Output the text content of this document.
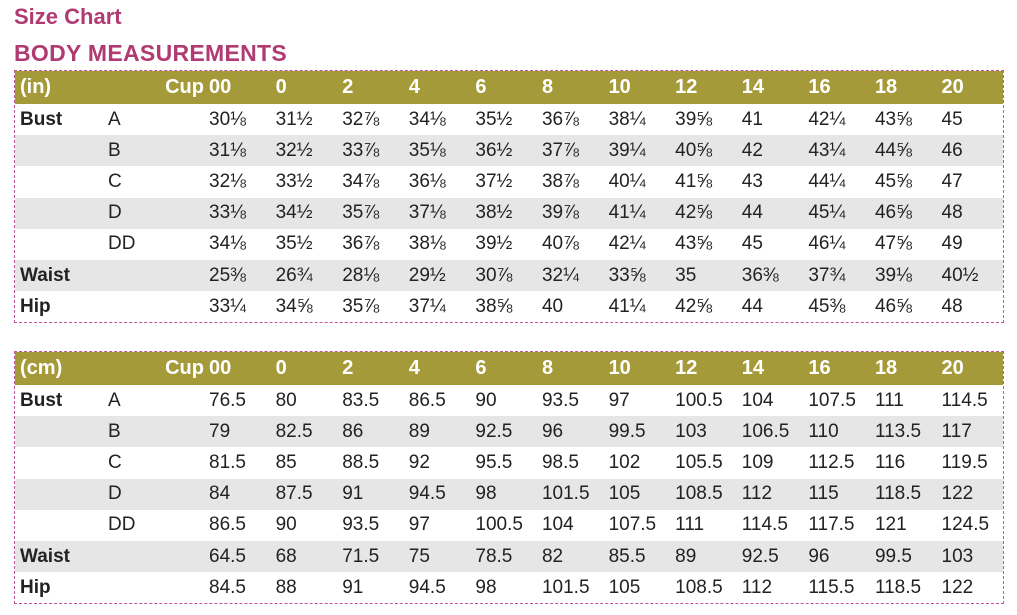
Size Chart
BODY MEASUREMENTS
(in)	Cup	00	0	2	4	6	8	10	12	14	16	18	20
Bust	A	30⅛	31½	32⅞	34⅛	35½	36⅞	38¼	39⅝	41	42¼	43⅝	45
	B	31⅛	32½	33⅞	35⅛	36½	37⅞	39¼	40⅝	42	43¼	44⅝	46
	C	32⅛	33½	34⅞	36⅛	37½	38⅞	40¼	41⅝	43	44¼	45⅝	47
	D	33⅛	34½	35⅞	37⅛	38½	39⅞	41¼	42⅝	44	45¼	46⅝	48
	DD	34⅛	35½	36⅞	38⅛	39½	40⅞	42¼	43⅝	45	46¼	47⅝	49
Waist		25⅜	26¾	28⅛	29½	30⅞	32¼	33⅝	35	36⅜	37¾	39⅛	40½
Hip		33¼	34⅝	35⅞	37¼	38⅝	40	41¼	42⅝	44	45⅜	46⅝	48
(cm)	Cup	00	0	2	4	6	8	10	12	14	16	18	20
Bust	A	76.5	80	83.5	86.5	90	93.5	97	100.5	104	107.5	111	114.5
	B	79	82.5	86	89	92.5	96	99.5	103	106.5	110	113.5	117
	C	81.5	85	88.5	92	95.5	98.5	102	105.5	109	112.5	116	119.5
	D	84	87.5	91	94.5	98	101.5	105	108.5	112	115	118.5	122
	DD	86.5	90	93.5	97	100.5	104	107.5	111	114.5	117.5	121	124.5
Waist		64.5	68	71.5	75	78.5	82	85.5	89	92.5	96	99.5	103
Hip		84.5	88	91	94.5	98	101.5	105	108.5	112	115.5	118.5	122
